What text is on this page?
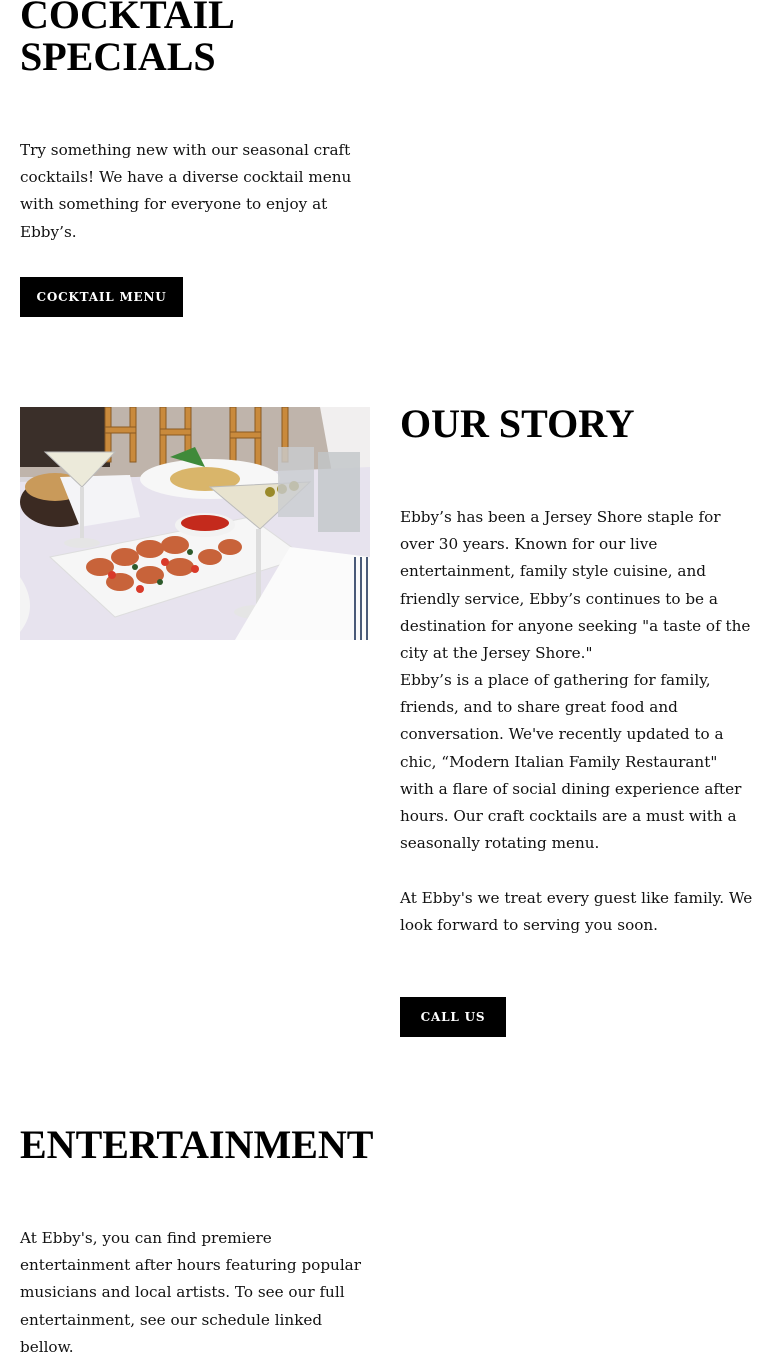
COCKTAIL
SPECIALS

Try something new with our seasonal craft cocktails! We have a diverse cocktail menu with something for everyone to enjoy at Ebby’s.

COCKTAIL MENU
OUR STORY

Ebby’s has been a Jersey Shore staple for over 30 years. Known for our live entertainment, family style cuisine, and friendly service, Ebby’s continues to be a destination for anyone seeking "a taste of the city at the Jersey Shore."

Ebby’s is a place of gathering for family, friends, and to share great food and conversation. We've recently updated to a chic, “Modern Italian Family Restaurant" with a flare of social dining experience after hours. Our craft cocktails are a must with a seasonally rotating menu.

At Ebby's we treat every guest like family. We look forward to serving you soon.

CALL US
ENTERTAINMENT

At Ebby's, you can find premiere entertainment after hours featuring popular musicians and local artists. To see our full entertainment, see our schedule linked bellow.
